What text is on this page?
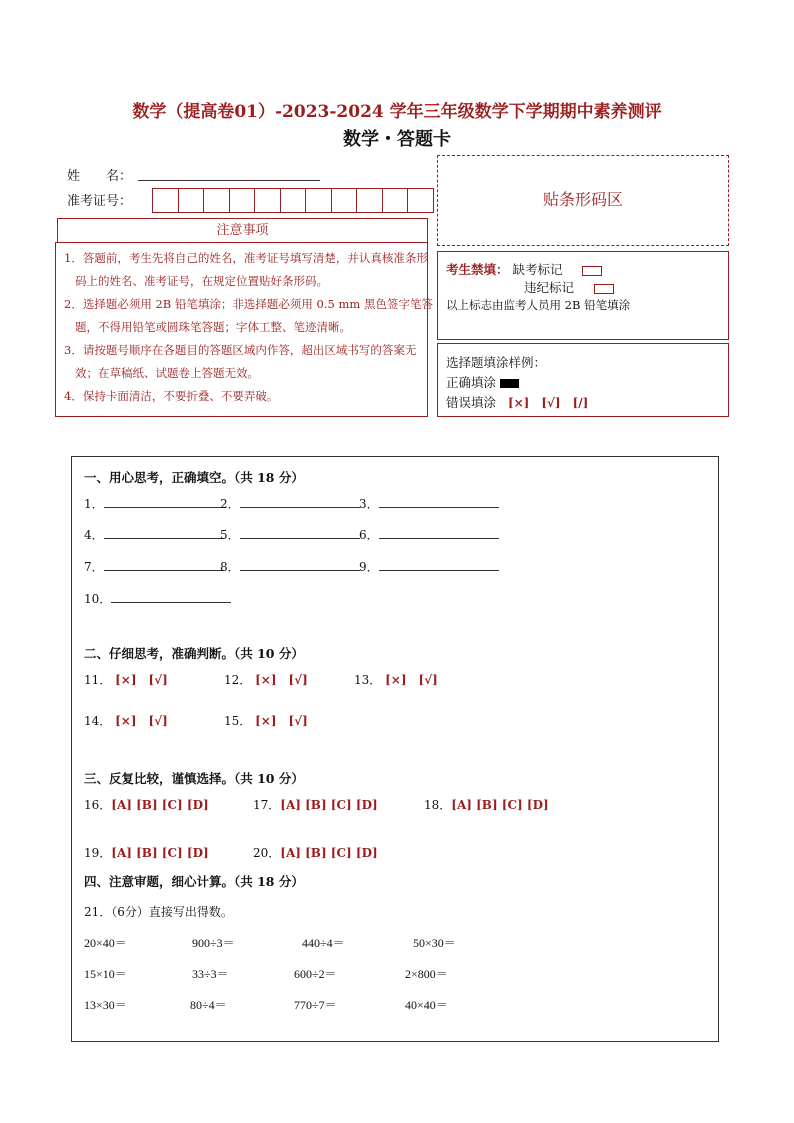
数学（提高卷01）-2023-2024 学年三年级数学下学期期中素养测评
数学・答题卡
姓　　名：
准考证号：	贴条形码区
注意事项

1．答题前，考生先将自己的姓名，准考证号填写清楚，并认真核准条形码上的姓名、准考证号，在规定位置贴好条形码。

2．选择题必须用 2B 铅笔填涂；非选择题必须用 0.5 mm 黑色签字笔答题，不得用铅笔或圆珠笔答题；字体工整、笔迹清晰。

3．请按题号顺序在各题目的答题区域内作答，超出区域书写的答案无效；在草稿纸、试题卷上答题无效。

4．保持卡面清洁，不要折叠、不要弄破。

考生禁填： 缺考标记
违纪标记
以上标志由监考人员用 2B 铅笔填涂
选择题填涂样例：
正确填涂
错误填涂 [×]　[√]　[/]
一、用心思考，正确填空。（共 18 分）
1．	2．	3．
4．	5．	6．
7．	8．	9．
10．
二、仔细思考，准确判断。（共 10 分）
11． [×]　[√]	12． [×]　[√]	13． [×]　[√]
14． [×]　[√]	15． [×]　[√]
三、反复比较，谨慎选择。（共 10 分）
16．[A] [B] [C] [D]	17．[A] [B] [C] [D]	18．[A] [B] [C] [D]
19．[A] [B] [C] [D]	20．[A] [B] [C] [D]
四、注意审题，细心计算。（共 18 分）
21．（6分）直接写出得数。
20×40＝	900÷3＝	440÷4＝	50×30＝
15×10＝	33÷3＝	600÷2＝	2×800＝
13×30＝	80÷4＝	770÷7＝	40×40＝
